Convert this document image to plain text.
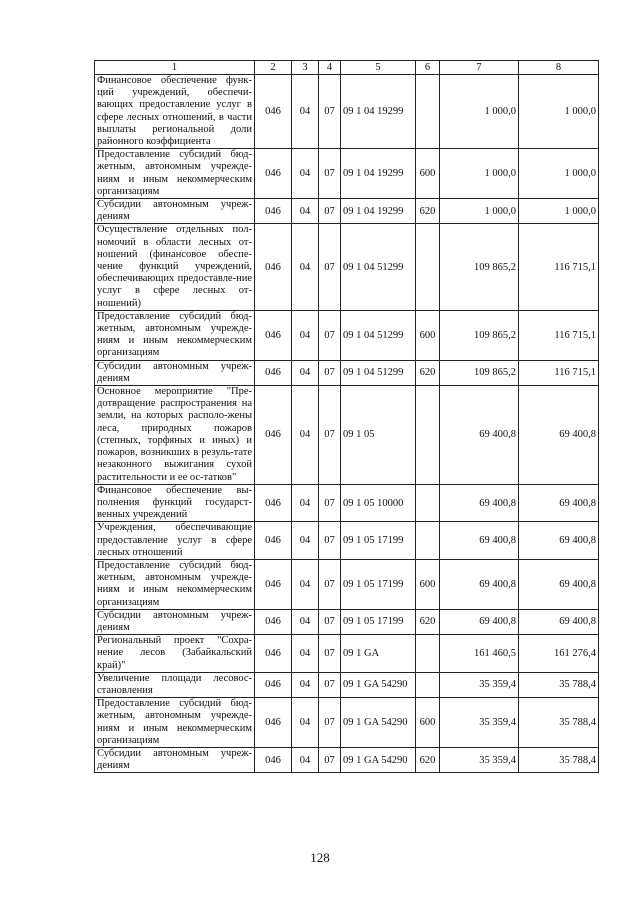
1	2	3	4	5	6	7	8
Финансовое обеспечение функ-ций учреждений, обеспечи-вающих предоставление услуг в сфере лесных отношений, в части выплаты региональной доли районного коэффициента	046	04	07	09 1 04 19299		1 000,0	1 000,0
Предоставление субсидий бюд-жетным, автономным учрежде-ниям и иным некоммерческим организациям	046	04	07	09 1 04 19299	600	1 000,0	1 000,0
Субсидии автономным учреж-дениям	046	04	07	09 1 04 19299	620	1 000,0	1 000,0
Осуществление отдельных пол-номочий в области лесных от-ношений (финансовое обеспе-чение функций учреждений, обеспечивающих предоставле-ние услуг в сфере лесных от-ношений)	046	04	07	09 1 04 51299		109 865,2	116 715,1
Предоставление субсидий бюд-жетным, автономным учрежде-ниям и иным некоммерческим организациям	046	04	07	09 1 04 51299	600	109 865,2	116 715,1
Субсидии автономным учреж-дениям	046	04	07	09 1 04 51299	620	109 865,2	116 715,1
Основное мероприятие "Пре-дотвращение распространения на земли, на которых располо-жены леса, природных пожаров (степных, торфяных и иных) и пожаров, возникших в резуль-тате незаконного выжигания сухой растительности и ее ос-татков"	046	04	07	09 1 05		69 400,8	69 400,8
Финансовое обеспечение вы-полнения функций государст-венных учреждений	046	04	07	09 1 05 10000		69 400,8	69 400,8
Учреждения, обеспечивающие предоставление услуг в сфере лесных отношений	046	04	07	09 1 05 17199		69 400,8	69 400,8
Предоставление субсидий бюд-жетным, автономным учрежде-ниям и иным некоммерческим организациям	046	04	07	09 1 05 17199	600	69 400,8	69 400,8
Субсидии автономным учреж-дениям	046	04	07	09 1 05 17199	620	69 400,8	69 400,8
Региональный проект "Сохра-нение лесов (Забайкальский край)"	046	04	07	09 1 GA		161 460,5	161 276,4
Увеличение площади лесовос-становления	046	04	07	09 1 GA 54290		35 359,4	35 788,4
Предоставление субсидий бюд-жетным, автономным учрежде-ниям и иным некоммерческим организациям	046	04	07	09 1 GA 54290	600	35 359,4	35 788,4
Субсидии автономным учреж-дениям	046	04	07	09 1 GA 54290	620	35 359,4	35 788,4
128
